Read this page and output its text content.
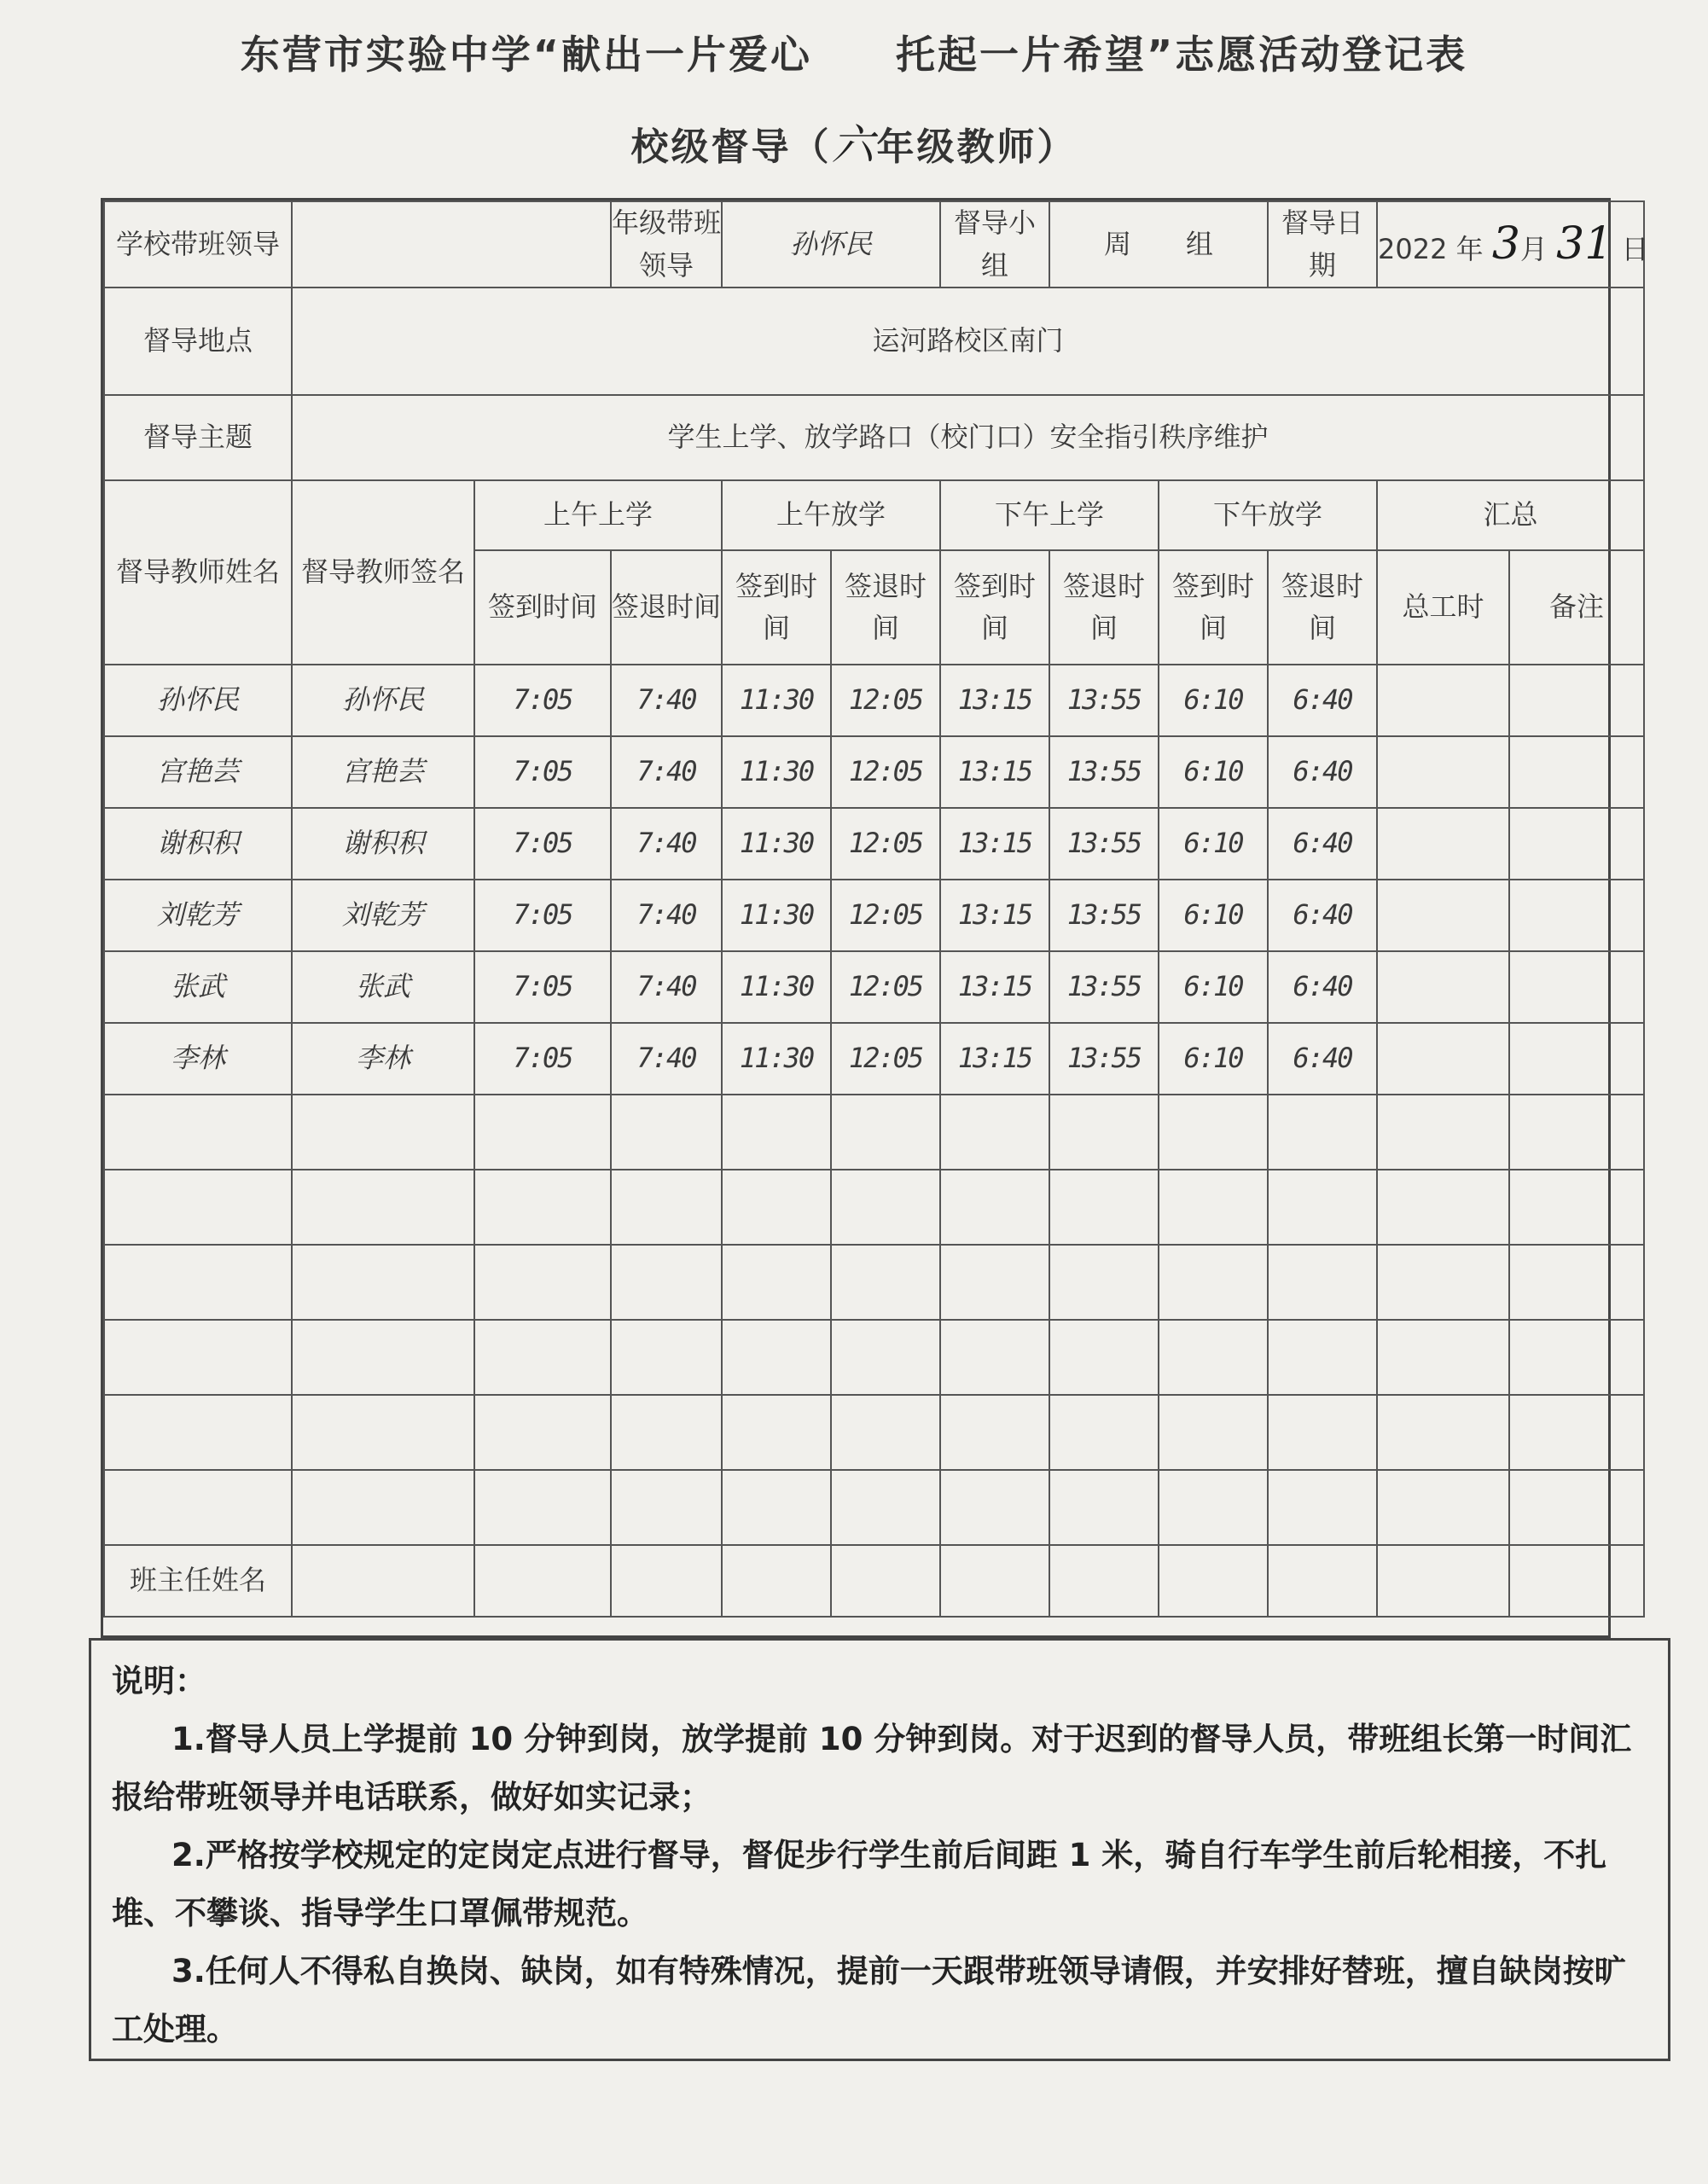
东营市实验中学“献出一片爱心　　托起一片希望”志愿活动登记表
校级督导（六年级教师）
学校带班领导			年级带班领导	孙怀民		督导小组	周　　组		督导日期	2022 年 3月 31 日	
督导地点	运河路校区南门										
督导主题	学生上学、放学路口（校门口）安全指引秩序维护										
督导教师姓名	督导教师签名	上午上学		上午放学		下午上学		下午放学		汇总	
		签到时间	签退时间	签到时间	签退时间	签到时间	签退时间	签到时间	签退时间	总工时	备注
孙怀民	孙怀民	7:05	7:40	11:30	12:05	13:15	13:55	6:10	6:40		
宫艳芸	宫艳芸	7:05	7:40	11:30	12:05	13:15	13:55	6:10	6:40		
谢积积	谢积积	7:05	7:40	11:30	12:05	13:15	13:55	6:10	6:40		
刘乾芳	刘乾芳	7:05	7:40	11:30	12:05	13:15	13:55	6:10	6:40		
张武	张武	7:05	7:40	11:30	12:05	13:15	13:55	6:10	6:40		
李林	李林	7:05	7:40	11:30	12:05	13:15	13:55	6:10	6:40		

班主任姓名											

说明：

1.督导人员上学提前 10 分钟到岗，放学提前 10 分钟到岗。对于迟到的督导人员，带班组长第一时间汇报给带班领导并电话联系，做好如实记录；

2.严格按学校规定的定岗定点进行督导，督促步行学生前后间距 1 米，骑自行车学生前后轮相接，不扎堆、不攀谈、指导学生口罩佩带规范。

3.任何人不得私自换岗、缺岗，如有特殊情况，提前一天跟带班领导请假，并安排好替班，擅自缺岗按旷工处理。
